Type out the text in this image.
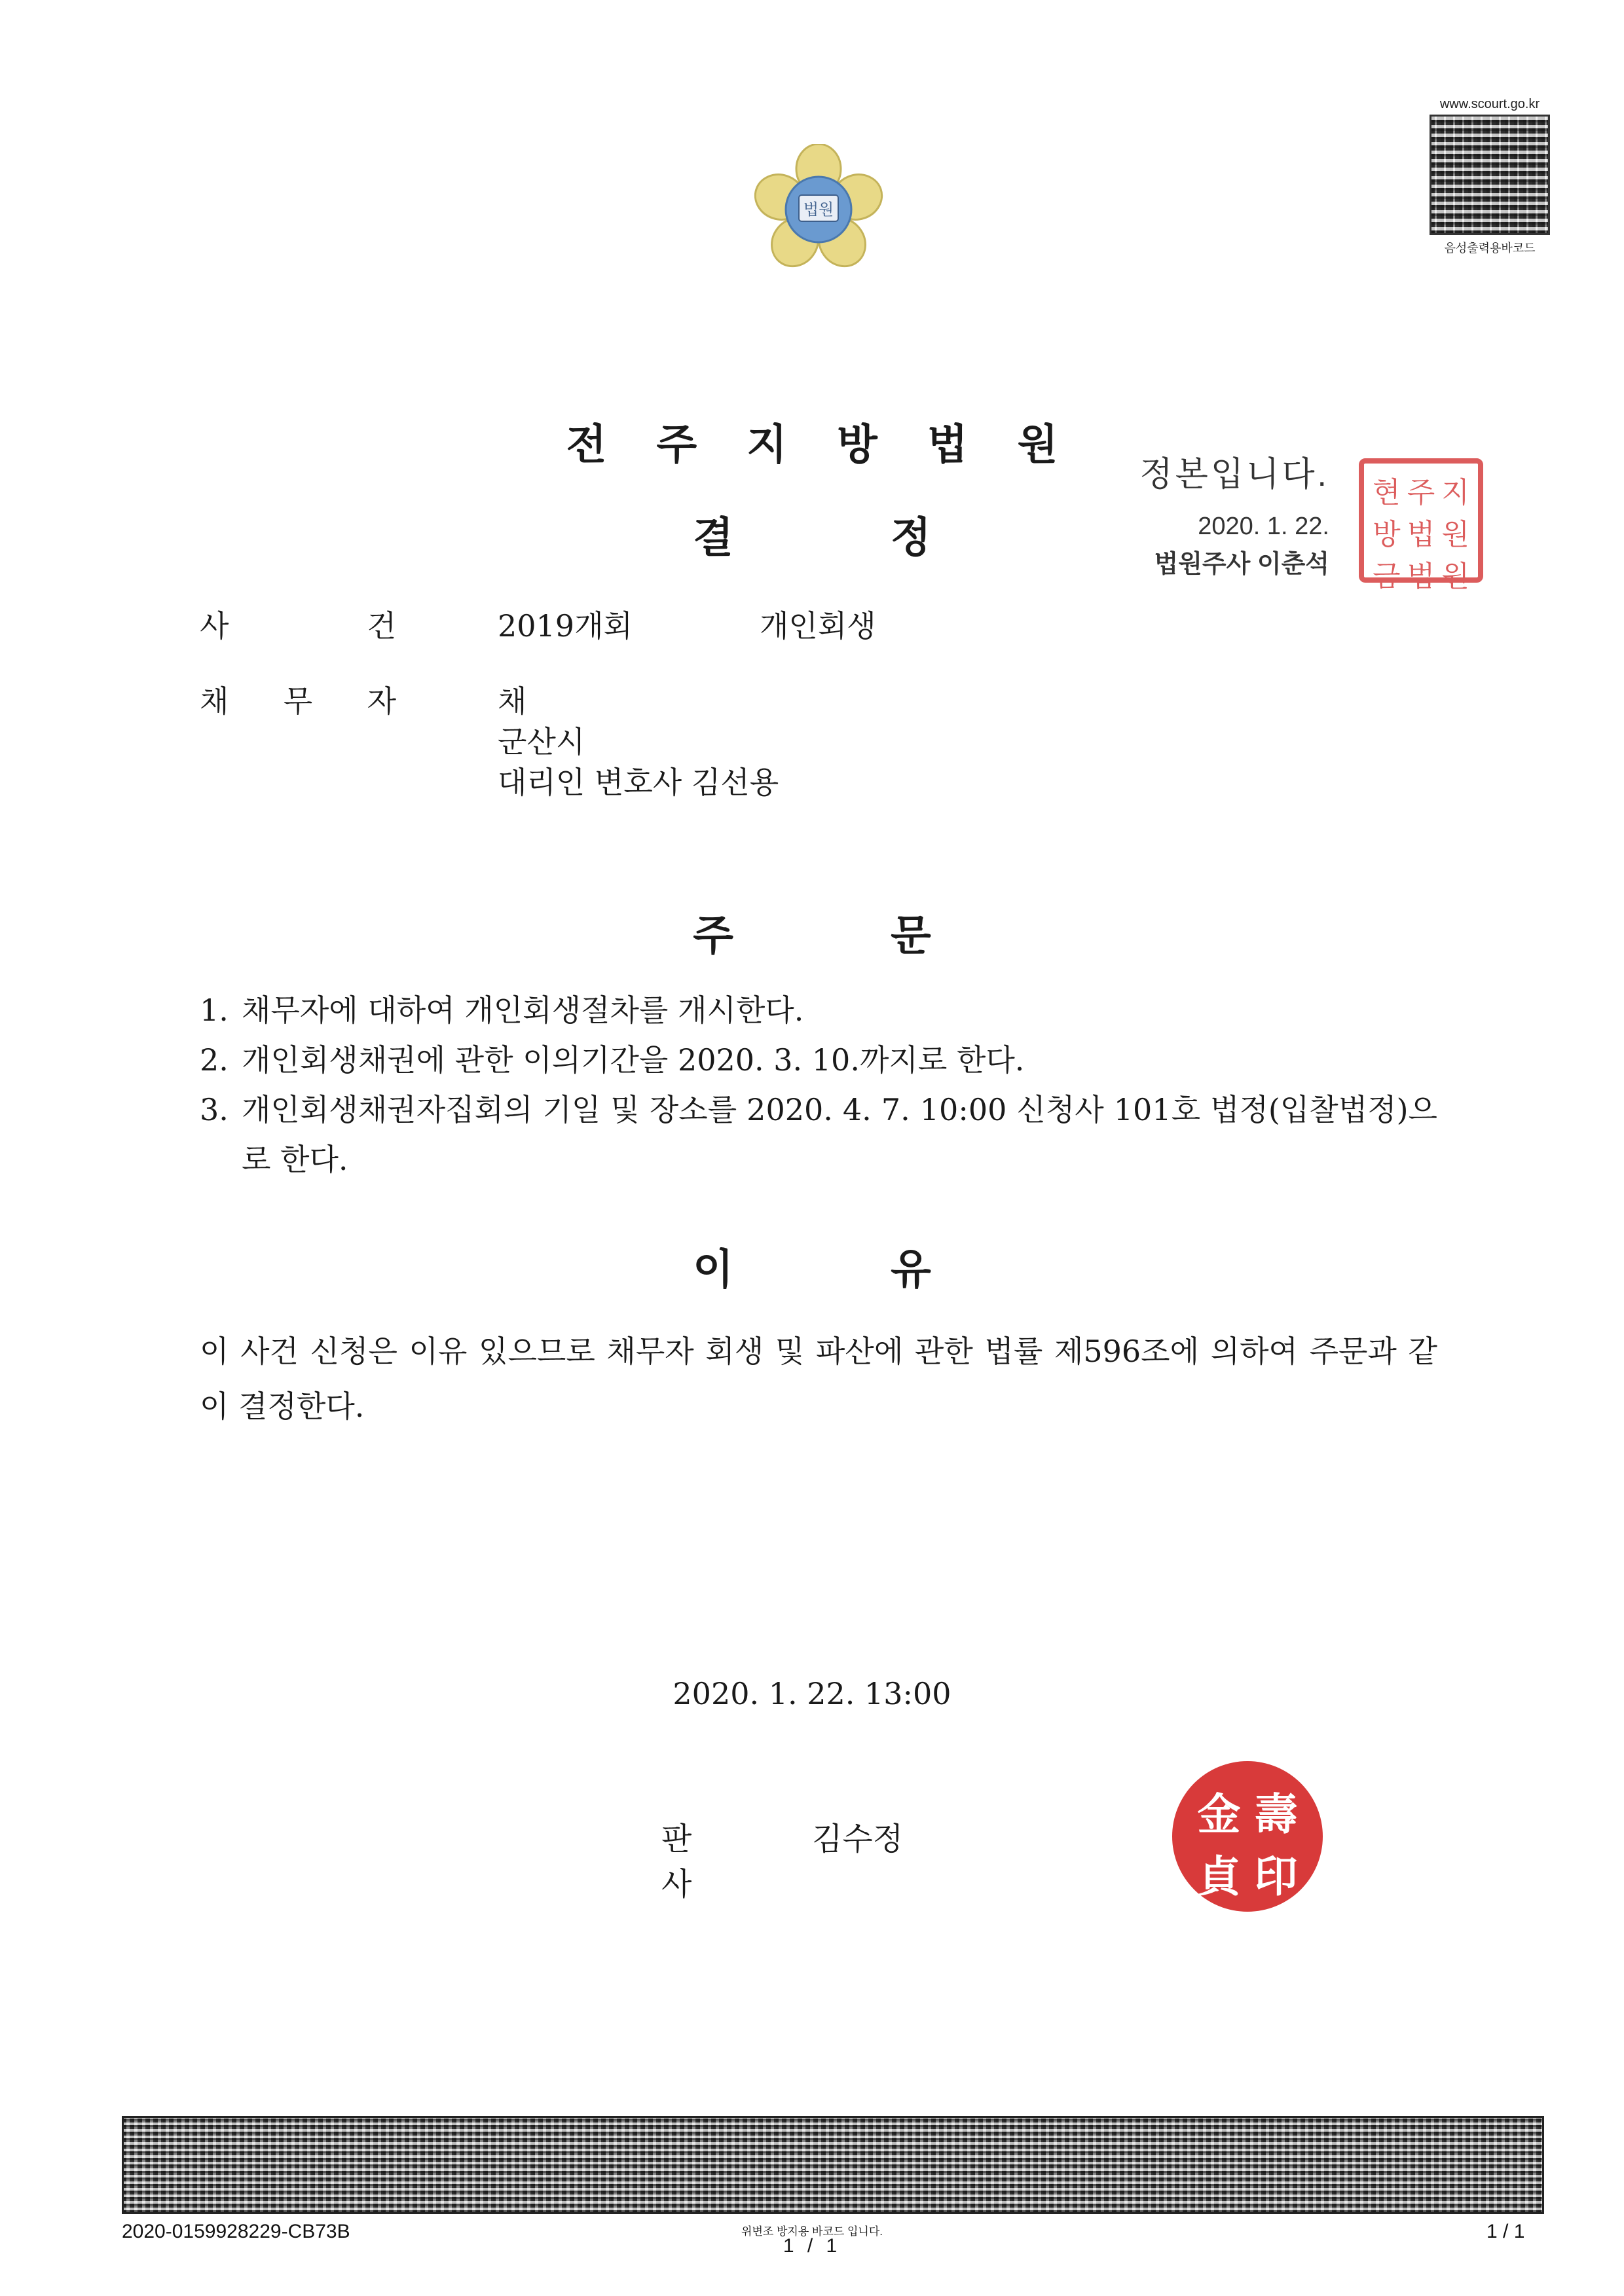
법원
www.scourt.go.kr
음성출력용바코드
전 주 지 방 법 원
정본입니다.
2020. 1. 22.
법원주사 이춘석
현 주 지
방 법 원
금 법 원
결	정
사	건	2019개회	개인회생
채 무 자	채
군산시
대리인 변호사 김선용
주	문
1. 채무자에 대하여 개인회생절차를 개시한다.
2. 개인회생채권에 관한 이의기간을 2020. 3. 10.까지로 한다.
3. 개인회생채권자집회의 기일 및 장소를 2020. 4. 7. 10:00 신청사 101호 법정(입찰법정)으로 한다.
이	유
이 사건 신청은 이유 있으므로 채무자 회생 및 파산에 관한 법률 제596조에 의하여 주문과 같이 결정한다.
2020. 1. 22. 13:00
판사
김수정	金 壽
貞 印
2020-0159928229-CB73B	위변조 방지용 바코드 입니다.
1 / 1
1 / 1
